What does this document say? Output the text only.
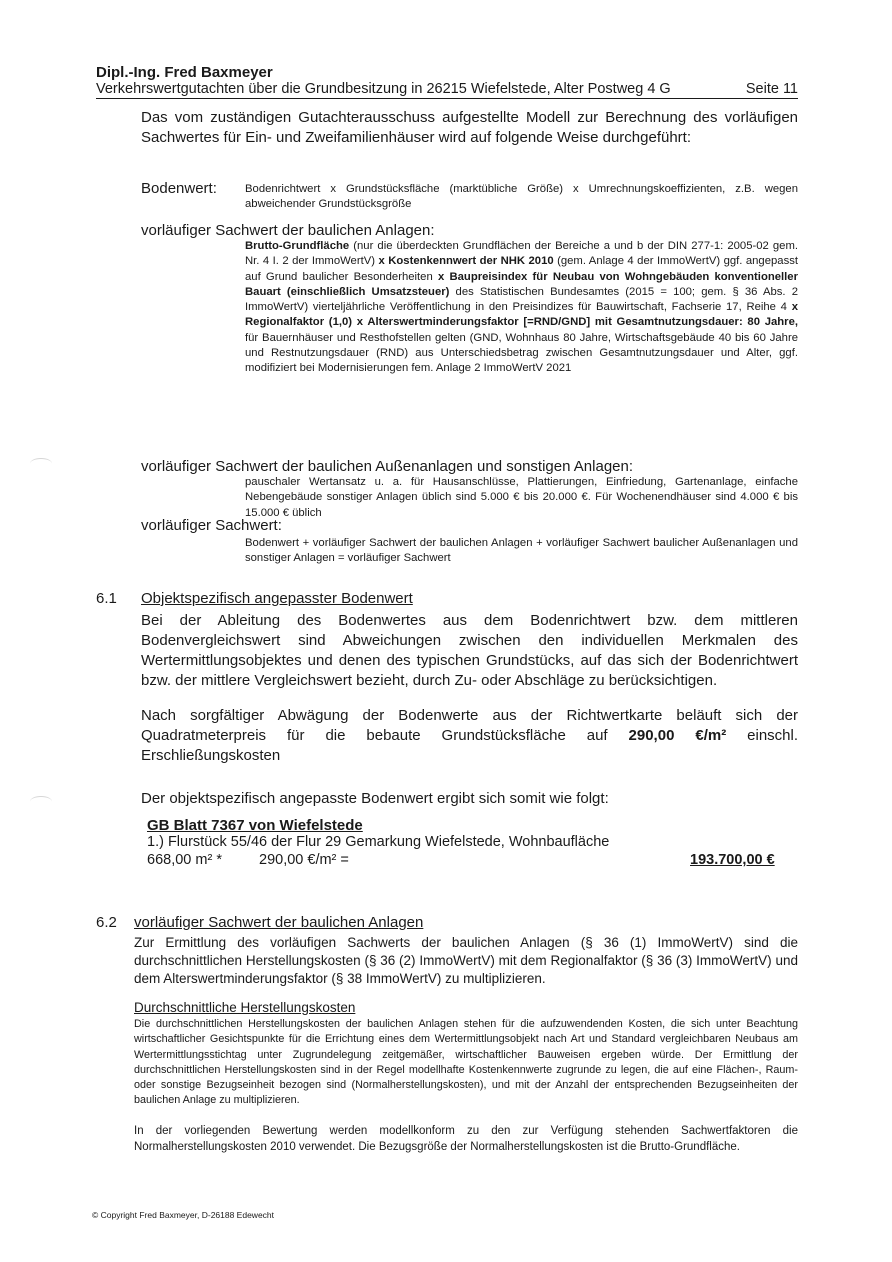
Dipl.-Ing. Fred Baxmeyer
Verkehrswertgutachten über die Grundbesitzung in 26215 Wiefelstede, Alter Postweg 4 G	Seite 11
Das vom zuständigen Gutachterausschuss aufgestellte Modell zur Berechnung des vorläufigen Sachwertes für Ein- und Zweifamilienhäuser wird auf folgende Weise durchgeführt:
Bodenwert: Bodenrichtwert x Grundstücksfläche (marktübliche Größe) x Umrechnungskoeffizienten, z.B. wegen abweichender Grundstücksgröße
vorläufiger Sachwert der baulichen Anlagen:
Brutto-Grundfläche (nur die überdeckten Grundflächen der Bereiche a und b der DIN 277-1: 2005-02 gem. Nr. 4 I. 2 der ImmoWertV) x Kostenkennwert der NHK 2010 (gem. Anlage 4 der ImmoWertV) ggf. angepasst auf Grund baulicher Besonderheiten x Baupreisindex für Neubau von Wohngebäuden konventioneller Bauart (einschließlich Umsatzsteuer) des Statistischen Bundesamtes (2015 = 100; gem. § 36 Abs. 2 ImmoWertV) vierteljährliche Veröffentlichung in den Preisindizes für Bauwirtschaft, Fachserie 17, Reihe 4 x Regionalfaktor (1,0) x Alterswertminderungsfaktor [=RND/GND] mit Gesamtnutzungsdauer: 80 Jahre, für Bauernhäuser und Resthofstellen gelten (GND, Wohnhaus 80 Jahre, Wirtschaftsgebäude 40 bis 60 Jahre und Restnutzungsdauer (RND) aus Unterschiedsbetrag zwischen Gesamtnutzungsdauer und Alter, ggf. modifiziert bei Modernisierungen fem. Anlage 2 ImmoWertV 2021
vorläufiger Sachwert der baulichen Außenanlagen und sonstigen Anlagen:
pauschaler Wertansatz u. a. für Hausanschlüsse, Plattierungen, Einfriedung, Gartenanlage, einfache Nebengebäude sonstiger Anlagen üblich sind 5.000 € bis 20.000 €. Für Wochenendhäuser sind 4.000 € bis 15.000 € üblich
vorläufiger Sachwert:
Bodenwert + vorläufiger Sachwert der baulichen Anlagen + vorläufiger Sachwert baulicher Außenanlagen und sonstiger Anlagen = vorläufiger Sachwert
6.1 Objektspezifisch angepasster Bodenwert
Bei der Ableitung des Bodenwertes aus dem Bodenrichtwert bzw. dem mittleren Bodenvergleichswert sind Abweichungen zwischen den individuellen Merkmalen des Wertermittlungsobjektes und denen des typischen Grundstücks, auf das sich der Bodenrichtwert bzw. der mittlere Vergleichswert bezieht, durch Zu- oder Abschläge zu berücksichtigen.
Nach sorgfältiger Abwägung der Bodenwerte aus der Richtwertkarte beläuft sich der Quadratmeterpreis für die bebaute Grundstücksfläche auf 290,00 €/m² einschl. Erschließungskosten
Der objektspezifisch angepasste Bodenwert ergibt sich somit wie folgt:
GB Blatt 7367 von Wiefelstede
1.) Flurstück 55/46 der Flur 29 Gemarkung Wiefelstede, Wohnbaufläche
668,00 m² *	290,00 €/m² =	193.700,00 €
6.2 vorläufiger Sachwert der baulichen Anlagen
Zur Ermittlung des vorläufigen Sachwerts der baulichen Anlagen (§ 36 (1) ImmoWertV) sind die durchschnittlichen Herstellungskosten (§ 36 (2) ImmoWertV) mit dem Regionalfaktor (§ 36 (3) ImmoWertV) und dem Alterswertminderungsfaktor (§ 38 ImmoWertV) zu multiplizieren.
Durchschnittliche Herstellungskosten
Die durchschnittlichen Herstellungskosten der baulichen Anlagen stehen für die aufzuwendenden Kosten, die sich unter Beachtung wirtschaftlicher Gesichtspunkte für die Errichtung eines dem Wertermittlungsobjekt nach Art und Standard vergleichbaren Neubaus am Wertermittlungsstichtag unter Zugrundelegung zeitgemäßer, wirtschaftlicher Bauweisen ergeben würde. Der Ermittlung der durchschnittlichen Herstellungskosten sind in der Regel modellhafte Kostenkennwerte zugrunde zu legen, die auf eine Flächen-, Raum- oder sonstige Bezugseinheit bezogen sind (Normalherstellungskosten), und mit der Anzahl der entsprechenden Bezugseinheiten der baulichen Anlage zu multiplizieren.
In der vorliegenden Bewertung werden modellkonform zu den zur Verfügung stehenden Sachwertfaktoren die Normalherstellungskosten 2010 verwendet. Die Bezugsgröße der Normalherstellungskosten ist die Brutto-Grundfläche.
© Copyright Fred Baxmeyer, D-26188 Edewecht
